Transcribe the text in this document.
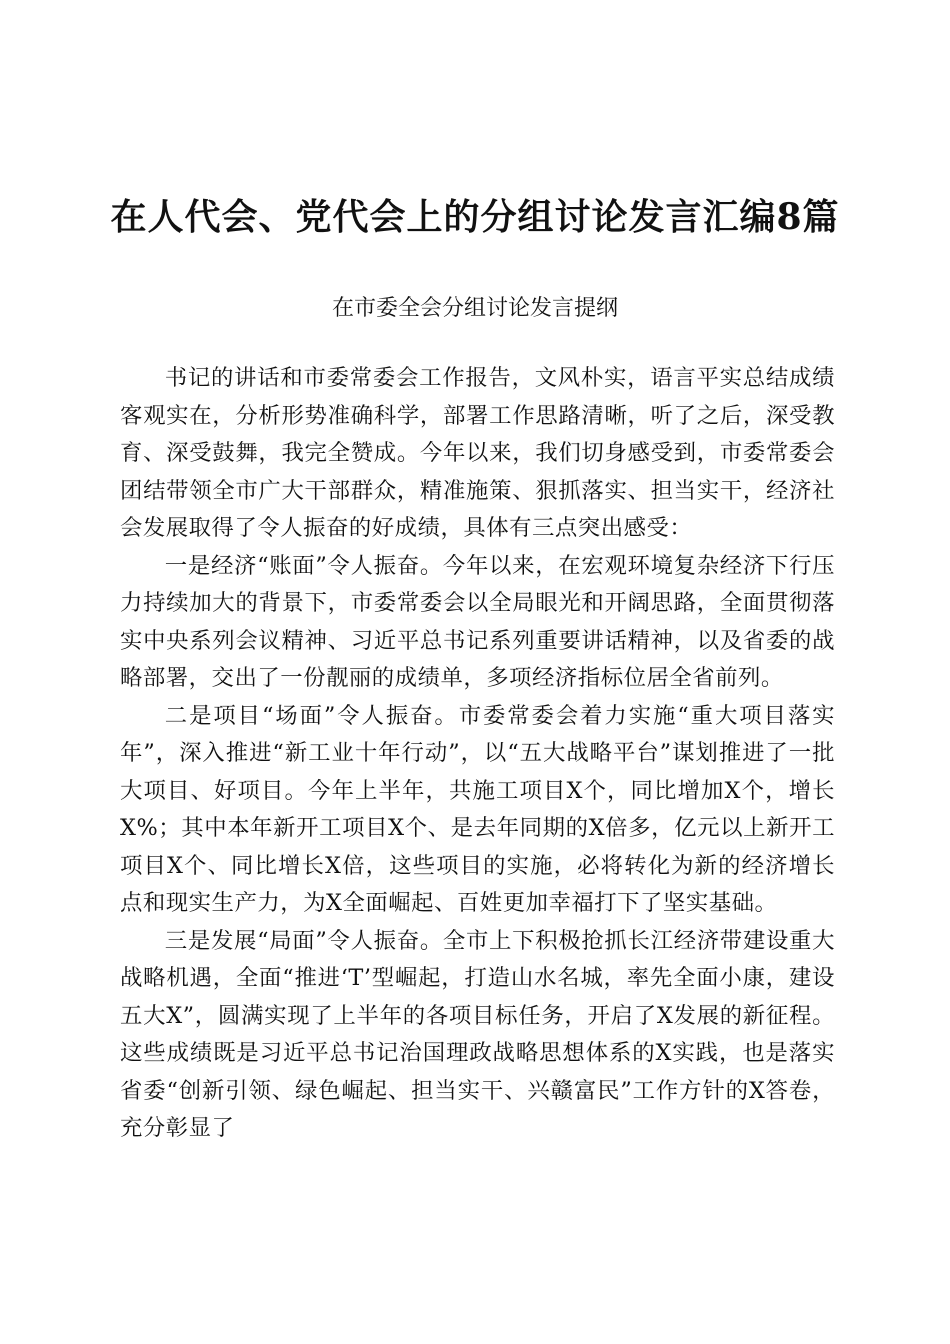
在人代会、党代会上的分组讨论发言汇编8篇
在市委全会分组讨论发言提纲

书记的讲话和市委常委会工作报告，文风朴实，语言平实总结成绩客观实在，分析形势准确科学，部署工作思路清晰，听了之后，深受教育、深受鼓舞，我完全赞成。今年以来，我们切身感受到，市委常委会团结带领全市广大干部群众，精准施策、狠抓落实、担当实干，经济社会发展取得了令人振奋的好成绩，具体有三点突出感受：

一是经济“账面”令人振奋。今年以来，在宏观环境复杂经济下行压力持续加大的背景下，市委常委会以全局眼光和开阔思路，全面贯彻落实中央系列会议精神、习近平总书记系列重要讲话精神，以及省委的战略部署，交出了一份靓丽的成绩单，多项经济指标位居全省前列。

二是项目“场面”令人振奋。市委常委会着力实施“重大项目落实年”，深入推进“新工业十年行动”，以“五大战略平台”谋划推进了一批大项目、好项目。今年上半年，共施工项目X个，同比增加X个，增长X%；其中本年新开工项目X个、是去年同期的X倍多，亿元以上新开工项目X个、同比增长X倍，这些项目的实施，必将转化为新的经济增长点和现实生产力，为X全面崛起、百姓更加幸福打下了坚实基础。

三是发展“局面”令人振奋。全市上下积极抢抓长江经济带建设重大战略机遇，全面“推进‘T’型崛起，打造山水名城，率先全面小康，建设五大X”，圆满实现了上半年的各项目标任务，开启了X发展的新征程。这些成绩既是习近平总书记治国理政战略思想体系的X实践，也是落实省委“创新引领、绿色崛起、担当实干、兴赣富民”工作方针的X答卷，充分彰显了
